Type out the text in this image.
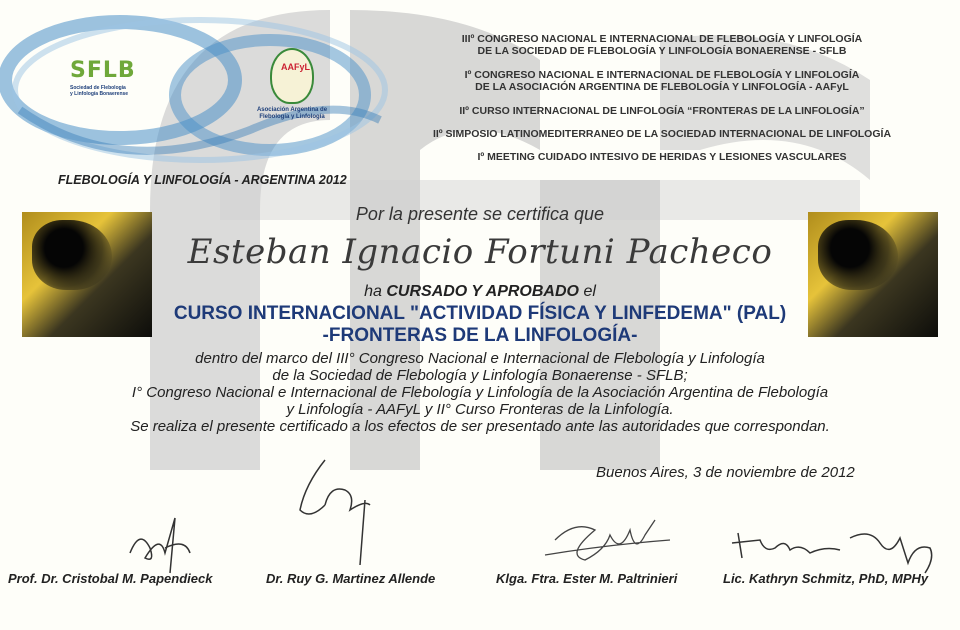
SFLB
Sociedad de Flebología
y Linfología Bonaerense
AAFyL
Asociación Argentina de
Flebología y Linfología
FLEBOLOGÍA Y LINFOLOGÍA - ARGENTINA 2012
IIIº CONGRESO NACIONAL E INTERNACIONAL DE FLEBOLOGÍA Y LINFOLOGÍA
DE LA SOCIEDAD DE FLEBOLOGÍA Y LINFOLOGÍA BONAERENSE - SFLB
Iº CONGRESO NACIONAL E INTERNACIONAL DE FLEBOLOGÍA Y LINFOLOGÍA
DE LA ASOCIACIÓN ARGENTINA DE FLEBOLOGÍA Y LINFOLOGÍA - AAFyL
IIº CURSO INTERNACIONAL DE LINFOLOGÍA “FRONTERAS DE LA LINFOLOGÍA”
IIº SIMPOSIO LATINOMEDITERRANEO DE LA SOCIEDAD INTERNACIONAL DE LINFOLOGÍA
Iº MEETING CUIDADO INTESIVO DE HERIDAS Y LESIONES VASCULARES
Por la presente se certifica que
Esteban Ignacio Fortuni Pacheco
ha CURSADO Y APROBADO el
CURSO INTERNACIONAL "ACTIVIDAD FÍSICA Y LINFEDEMA" (PAL)
-FRONTERAS DE LA LINFOLOGÍA-
dentro del marco del III° Congreso Nacional e Internacional de Flebología y Linfología
de la Sociedad de Flebología y Linfología Bonaerense - SFLB;
I° Congreso Nacional e Internacional de Flebología y Linfología de la Asociación Argentina de Flebología
y Linfología - AAFyL y II° Curso Fronteras de la Linfología.
Se realiza el presente certificado a los efectos de ser presentado ante las autoridades que correspondan.
Buenos Aires, 3 de noviembre de 2012
Prof. Dr. Cristobal M. Papendieck	Dr. Ruy G. Martinez Allende	Klga. Ftra. Ester M. Paltrinieri	Lic. Kathryn Schmitz, PhD, MPHy
